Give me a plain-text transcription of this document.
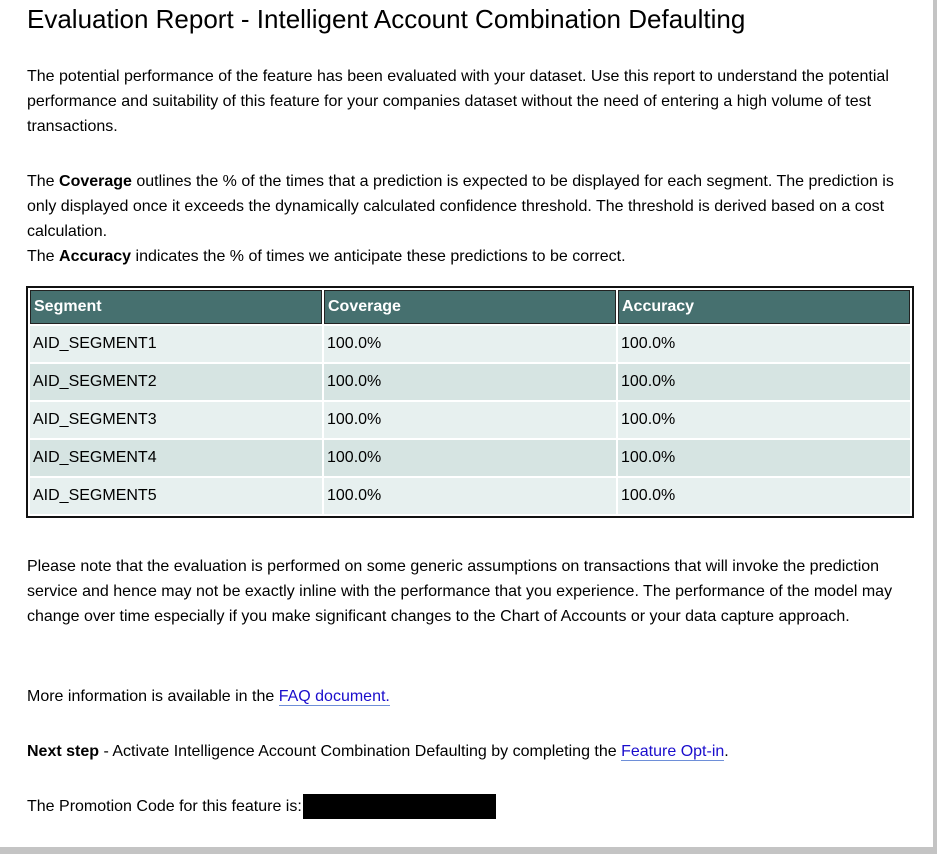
Evaluation Report - Intelligent Account Combination Defaulting

The potential performance of the feature has been evaluated with your dataset. Use this report to understand the potential performance and suitability of this feature for your companies dataset without the need of entering a high volume of test transactions.

The Coverage outlines the % of the times that a prediction is expected to be displayed for each segment. The prediction is only displayed once it exceeds the dynamically calculated confidence threshold. The threshold is derived based on a cost calculation.

The Accuracy indicates the % of times we anticipate these predictions to be correct.

Segment	Coverage	Accuracy
AID_SEGMENT1	100.0%	100.0%
AID_SEGMENT2	100.0%	100.0%
AID_SEGMENT3	100.0%	100.0%
AID_SEGMENT4	100.0%	100.0%
AID_SEGMENT5	100.0%	100.0%

Please note that the evaluation is performed on some generic assumptions on transactions that will invoke the prediction service and hence may not be exactly inline with the performance that you experience. The performance of the model may change over time especially if you make significant changes to the Chart of Accounts or your data capture approach.

More information is available in the FAQ document.

Next step - Activate Intelligence Account Combination Defaulting by completing the Feature Opt-in.

The Promotion Code for this feature is:
